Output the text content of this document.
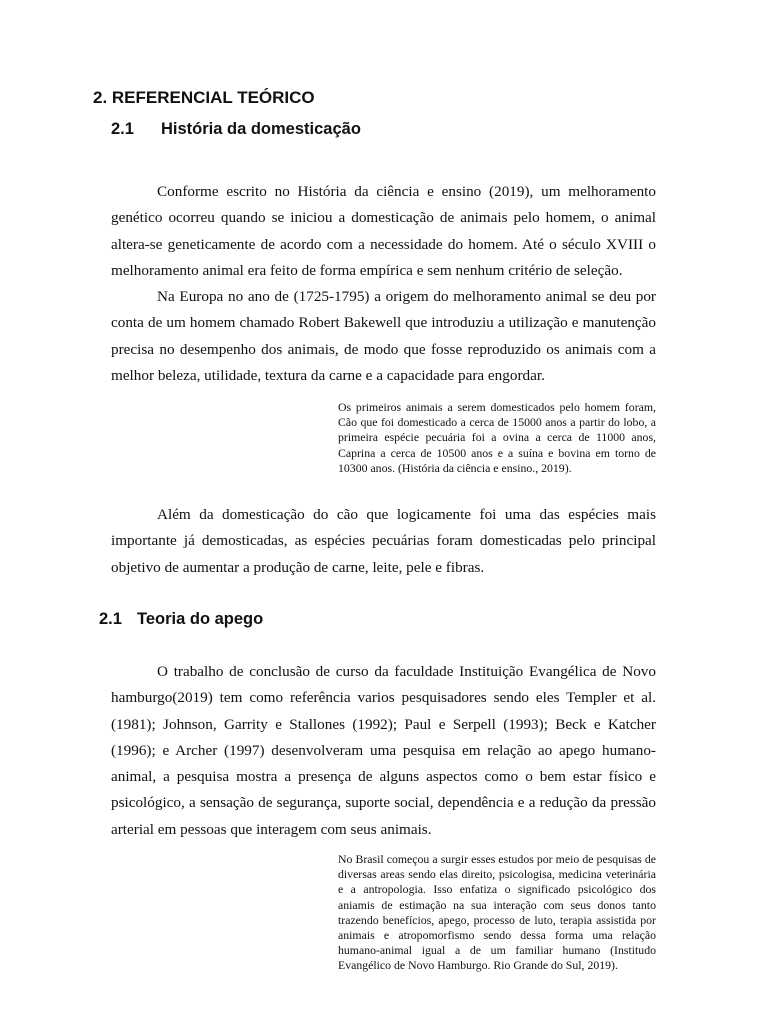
2. REFERENCIAL TEÓRICO
2.1 História da domesticação

Conforme escrito no História da ciência e ensino (2019), um melhoramento genético ocorreu quando se iniciou a domesticação de animais pelo homem, o animal altera-se geneticamente de acordo com a necessidade do homem. Até o século XVIII o melhoramento animal era feito de forma empírica e sem nenhum critério de seleção.

Na Europa no ano de (1725-1795) a origem do melhoramento animal se deu por conta de um homem chamado Robert Bakewell que introduziu a utilização e manutenção precisa no desempenho dos animais, de modo que fosse reproduzido os animais com a melhor beleza, utilidade, textura da carne e a capacidade para engordar.

Os primeiros animais a serem domesticados pelo homem foram, Cão que foi domesticado a cerca de 15000 anos a partir do lobo, a primeira espécie pecuária foi a ovina a cerca de 11000 anos, Caprina a cerca de 10500 anos e a suína e bovina em torno de 10300 anos. (História da ciência e ensino., 2019).

Além da domesticação do cão que logicamente foi uma das espécies mais importante já demosticadas, as espécies pecuárias foram domesticadas pelo principal objetivo de aumentar a produção de carne, leite, pele e fibras.

2.1 Teoria do apego

O trabalho de conclusão de curso da faculdade Instituição Evangélica de Novo hamburgo(2019) tem como referência varios pesquisadores sendo eles Templer et al. (1981); Johnson, Garrity e Stallones (1992); Paul e Serpell (1993); Beck e Katcher (1996); e Archer (1997) desenvolveram uma pesquisa em relação ao apego humano-animal, a pesquisa mostra a presença de alguns aspectos como o bem estar físico e psicológico, a sensação de segurança, suporte social, dependência e a redução da pressão arterial em pessoas que interagem com seus animais.

No Brasil começou a surgir esses estudos por meio de pesquisas de diversas areas sendo elas direito, psicologisa, medicina veterinária e a antropologia. Isso enfatiza o significado psicológico dos aniamis de estimação na sua interação com seus donos tanto trazendo benefícios, apego, processo de luto, terapia assistida por animais e atropomorfismo sendo dessa forma uma relação humano-animal igual a de um familiar humano (Institudo Evangélico de Novo Hamburgo. Rio Grande do Sul, 2019).
